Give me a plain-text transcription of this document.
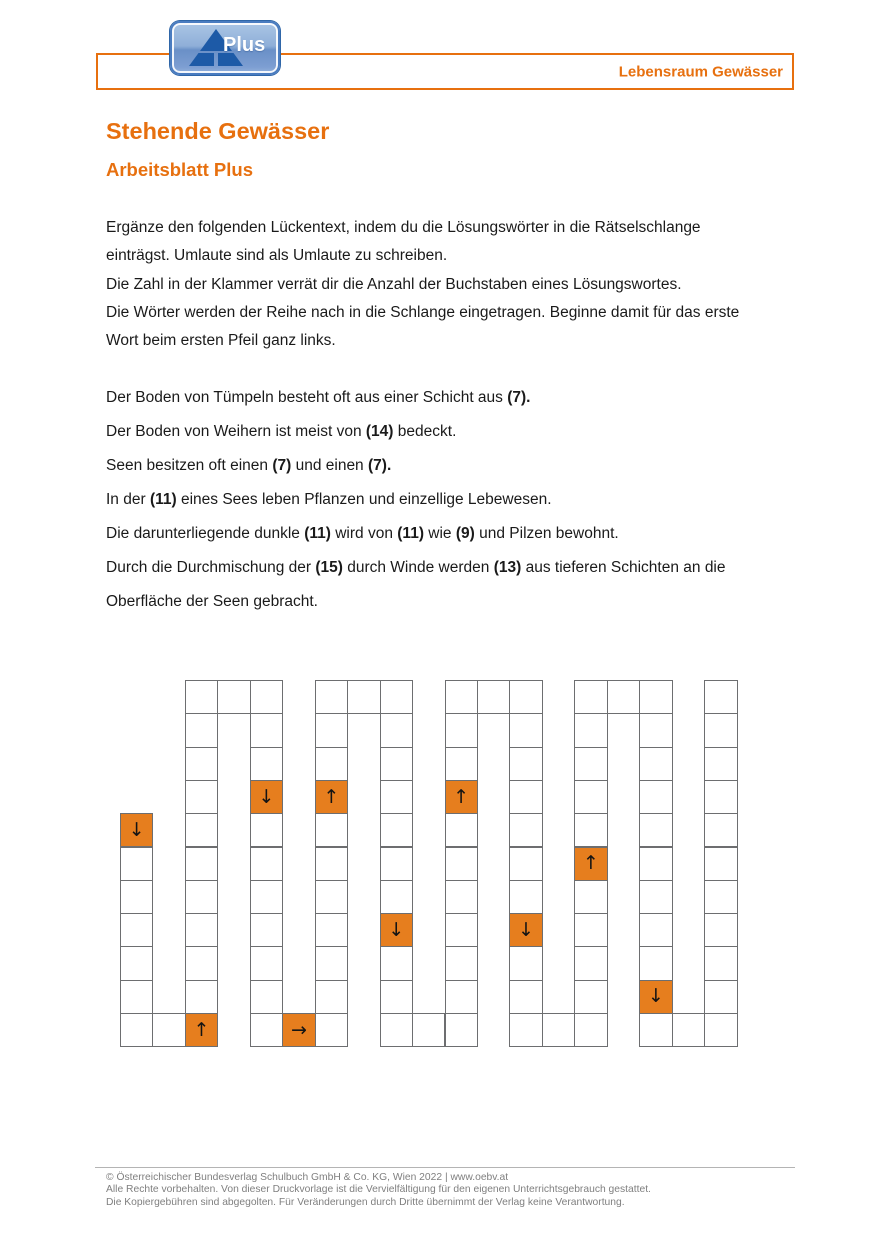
Lebensraum Gewässer
Plus
Stehende Gewässer
Arbeitsblatt Plus
Ergänze den folgenden Lückentext, indem du die Lösungswörter in die Rätselschlange
einträgst. Umlaute sind als Umlaute zu schreiben.
Die Zahl in der Klammer verrät dir die Anzahl der Buchstaben eines Lösungswortes.
Die Wörter werden der Reihe nach in die Schlange eingetragen. Beginne damit für das erste
Wort beim ersten Pfeil ganz links.
Der Boden von Tümpeln besteht oft aus einer Schicht aus (7).
Der Boden von Weihern ist meist von (14) bedeckt.
Seen besitzen oft einen (7) und einen (7).
In der (11) eines Sees leben Pflanzen und einzellige Lebewesen.
Die darunterliegende dunkle (11) wird von (11) wie (9) und Pilzen bewohnt.
Durch die Durchmischung der (15) durch Winde werden (13) aus tieferen Schichten an die
Oberfläche der Seen gebracht.
↓
↑
↓
→
↑
↓
↑
↓
↑
↓
© Österreichischer Bundesverlag Schulbuch GmbH & Co. KG, Wien 2022 | www.oebv.at
Alle Rechte vorbehalten. Von dieser Druckvorlage ist die Vervielfältigung für den eigenen Unterrichtsgebrauch gestattet.
Die Kopiergebühren sind abgegolten. Für Veränderungen durch Dritte übernimmt der Verlag keine Verantwortung.
